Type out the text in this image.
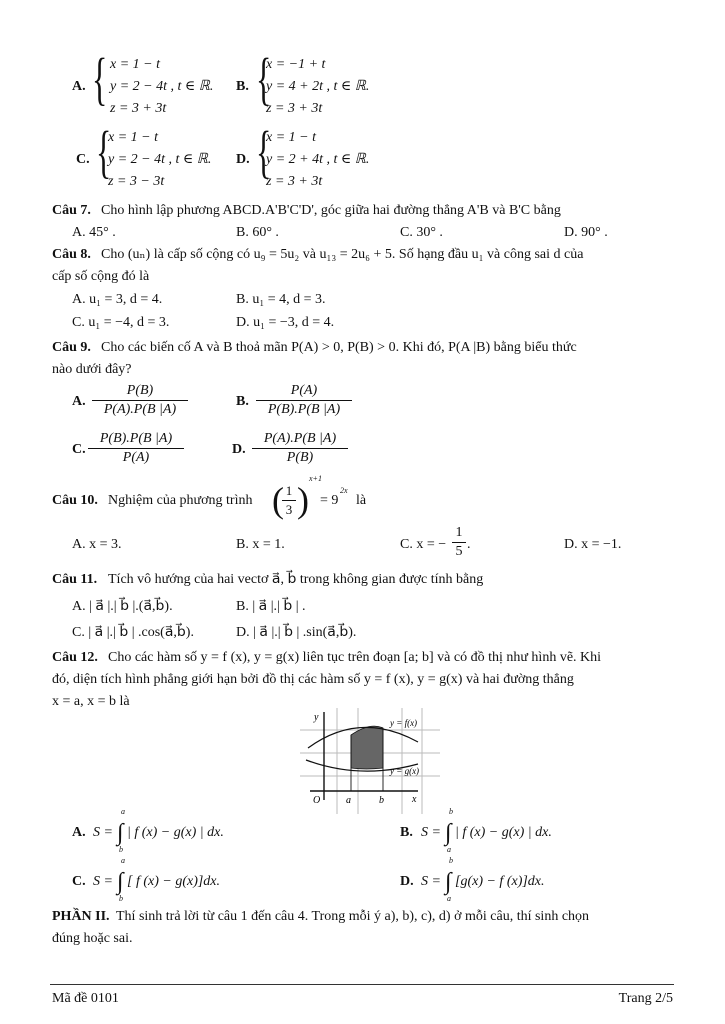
A. { x = 1 − t
y = 2 − 4t , t ∈ ℝ.
z = 3 + 3t
B. {
x = −1 + t
y = 4 + 2t , t ∈ ℝ.
z = 3 + 3t
C. {
x = 1 − t
y = 2 − 4t , t ∈ ℝ.
z = 3 − 3t
D. {
x = 1 − t
y = 2 + 4t , t ∈ ℝ.
z = 3 + 3t
Câu 7. Cho hình lập phương ABCD.A'B'C'D', góc giữa hai đường thẳng A'B và B'C bằng
A. 45° .	B. 60° .	C. 30° .	D. 90° .
Câu 8. Cho (uₙ) là cấp số cộng có u₉ = 5u₂ và u₁₃ = 2u₆ + 5. Số hạng đầu u₁ và công sai d của
cấp số cộng đó là
A. u₁ = 3, d = 4.	B. u₁ = 4, d = 3.
C. u₁ = −4, d = 3.	D. u₁ = −3, d = 4.
Câu 9. Cho các biến cố A và B thoả mãn P(A) > 0, P(B) > 0. Khi đó, P(A |B) bằng biểu thức
nào dưới đây?
A. $\frac{P(B)}{P(A).P(B |A)}$	B. $\frac{P(A)}{P(B).P(B |A)}$
C. $\frac{P(B).P(B |A)}{P(A)}$	D. $\frac{P(A).P(B |A)}{P(B)}$
Câu 10. Nghiệm của phương trình (
$\frac{1}{3}$ )
x+1
= 9
2x
là
A. x = 3.	B. x = 1.	C. x = − $\frac{1}{5}$ .	D. x = −1.
Câu 11. Tích vô hướng của hai vectơ a⃗, b⃗ trong không gian được tính bằng
A. | a⃗ |.| b⃗ |.(a⃗,b⃗).	B. | a⃗ |.| b⃗ | .
C. | a⃗ |.| b⃗ | .cos(a⃗,b⃗).	D. | a⃗ |.| b⃗ | .sin(a⃗,b⃗).
Câu 12. Cho các hàm số y = f (x), y = g(x) liên tục trên đoạn [a; b] và có đồ thị như hình vẽ. Khi
đó, diện tích hình phẳng giới hạn bởi đồ thị các hàm số y = f (x), y = g(x) và hai đường thẳng
x = a, x = b là
y
x
O	a	b
y = f(x)
y = g(x)
A. S = ∫
a
b
| f (x) − g(x) | dx.	B. S = ∫
b
a
| f (x) − g(x) | dx.
C. S = ∫
a
b
[ f (x) − g(x)]dx.	D. S = ∫
b
a
[g(x) − f (x)]dx.
PHẦN II. Thí sinh trả lời từ câu 1 đến câu 4. Trong mỗi ý a), b), c), d) ở mỗi câu, thí sinh chọn
đúng hoặc sai.
Mã đề 0101	Trang 2/5
